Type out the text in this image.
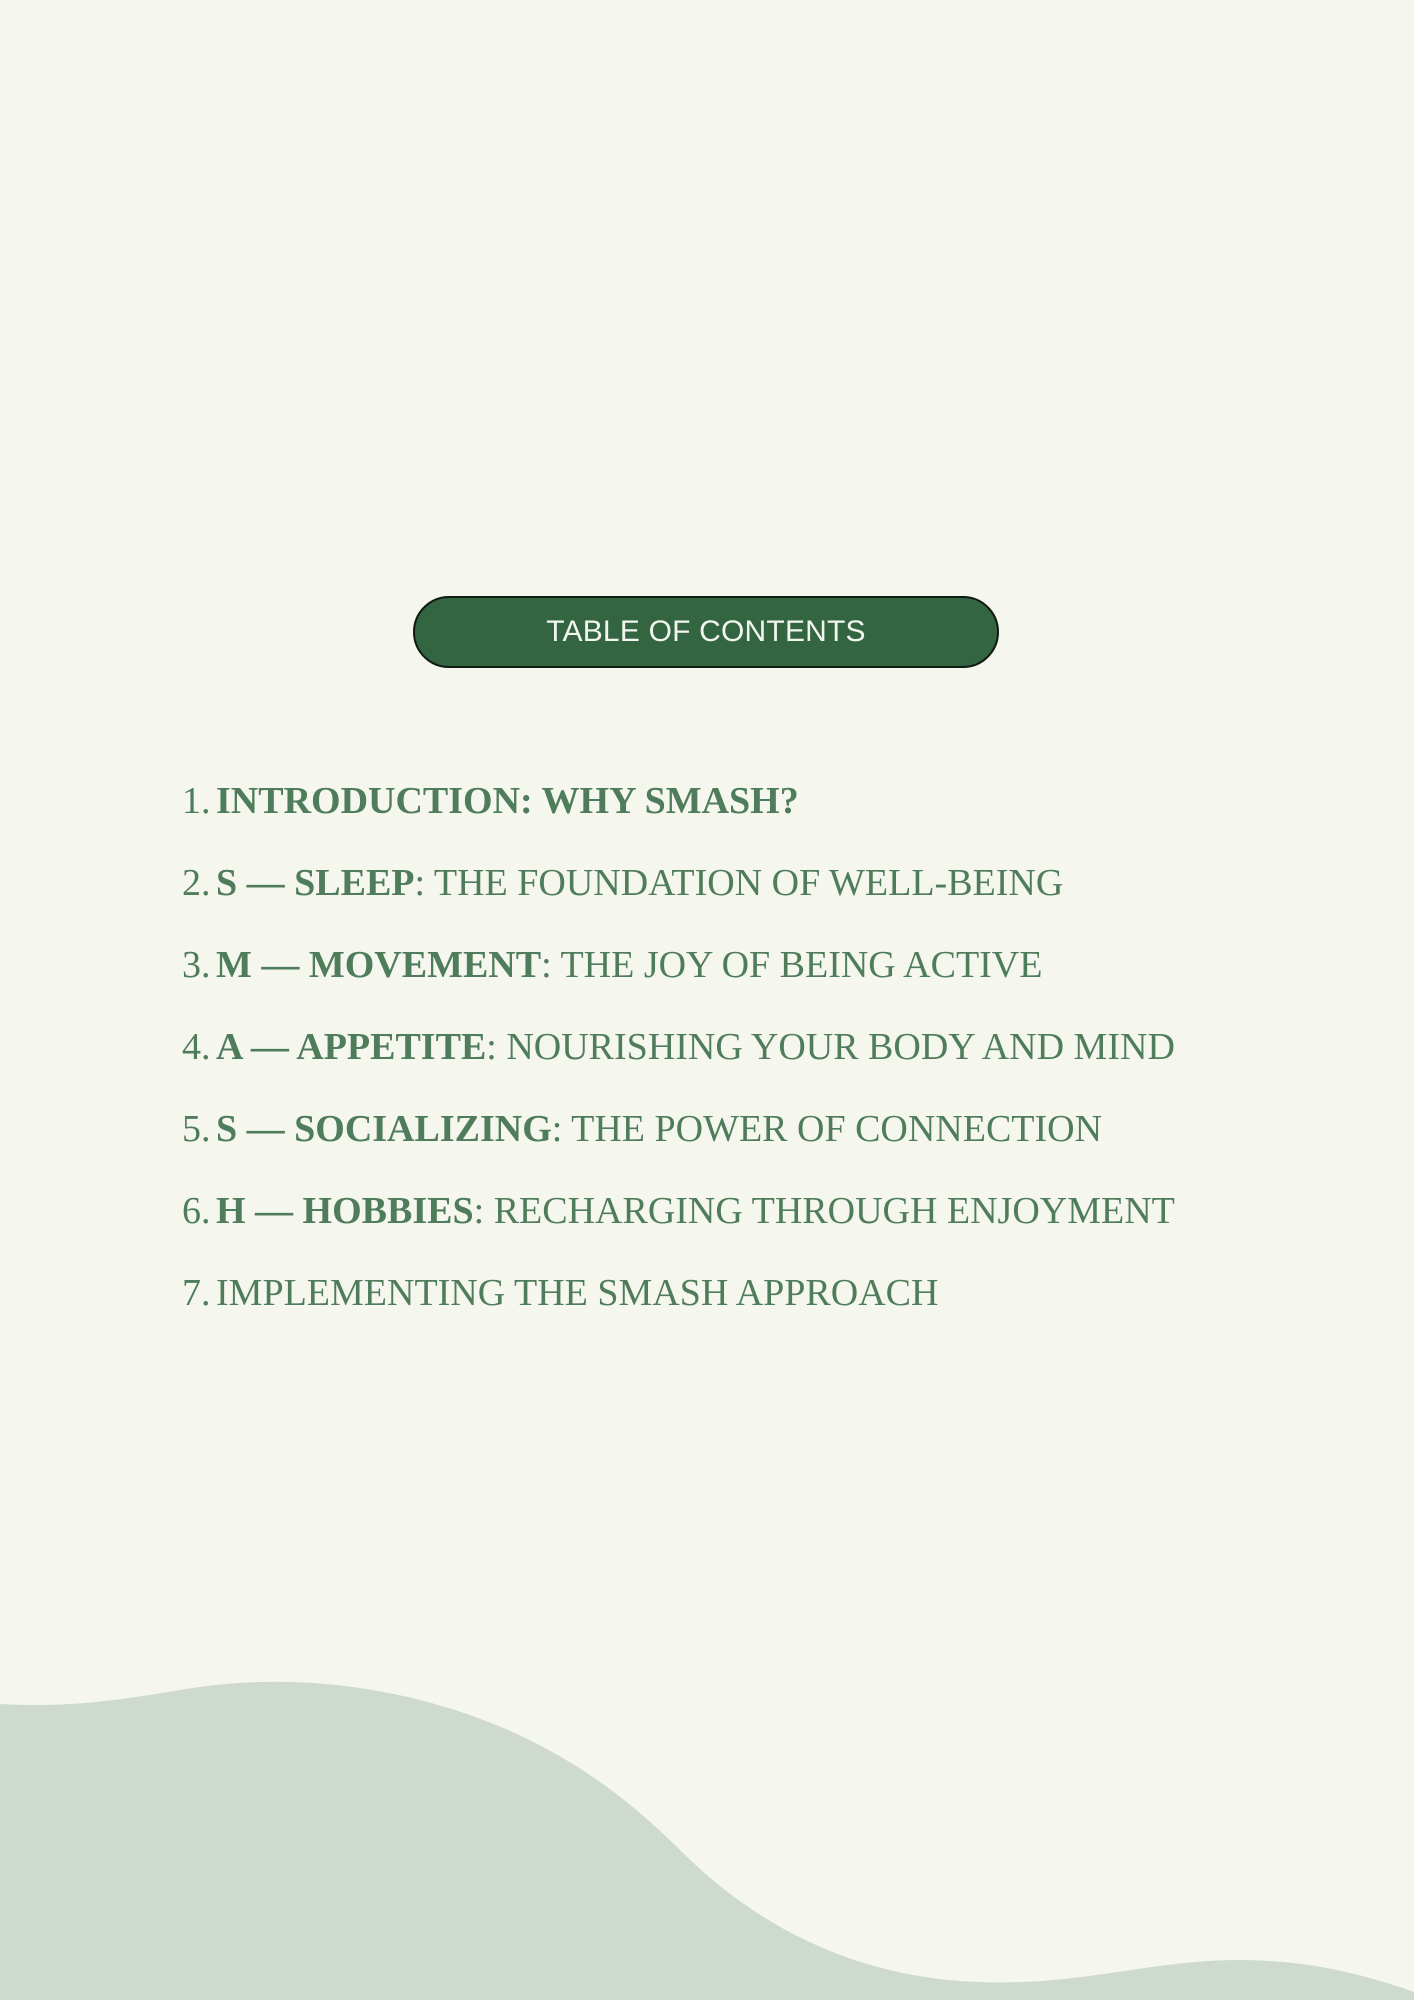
TABLE OF CONTENTS
1. INTRODUCTION: WHY SMASH?
2. S — SLEEP : THE FOUNDATION OF WELL-BEING
3. M — MOVEMENT : THE JOY OF BEING ACTIVE
4. A — APPETITE : NOURISHING YOUR BODY AND MIND
5. S — SOCIALIZING : THE POWER OF CONNECTION
6. H — HOBBIES : RECHARGING THROUGH ENJOYMENT
7. IMPLEMENTING THE SMASH APPROACH
